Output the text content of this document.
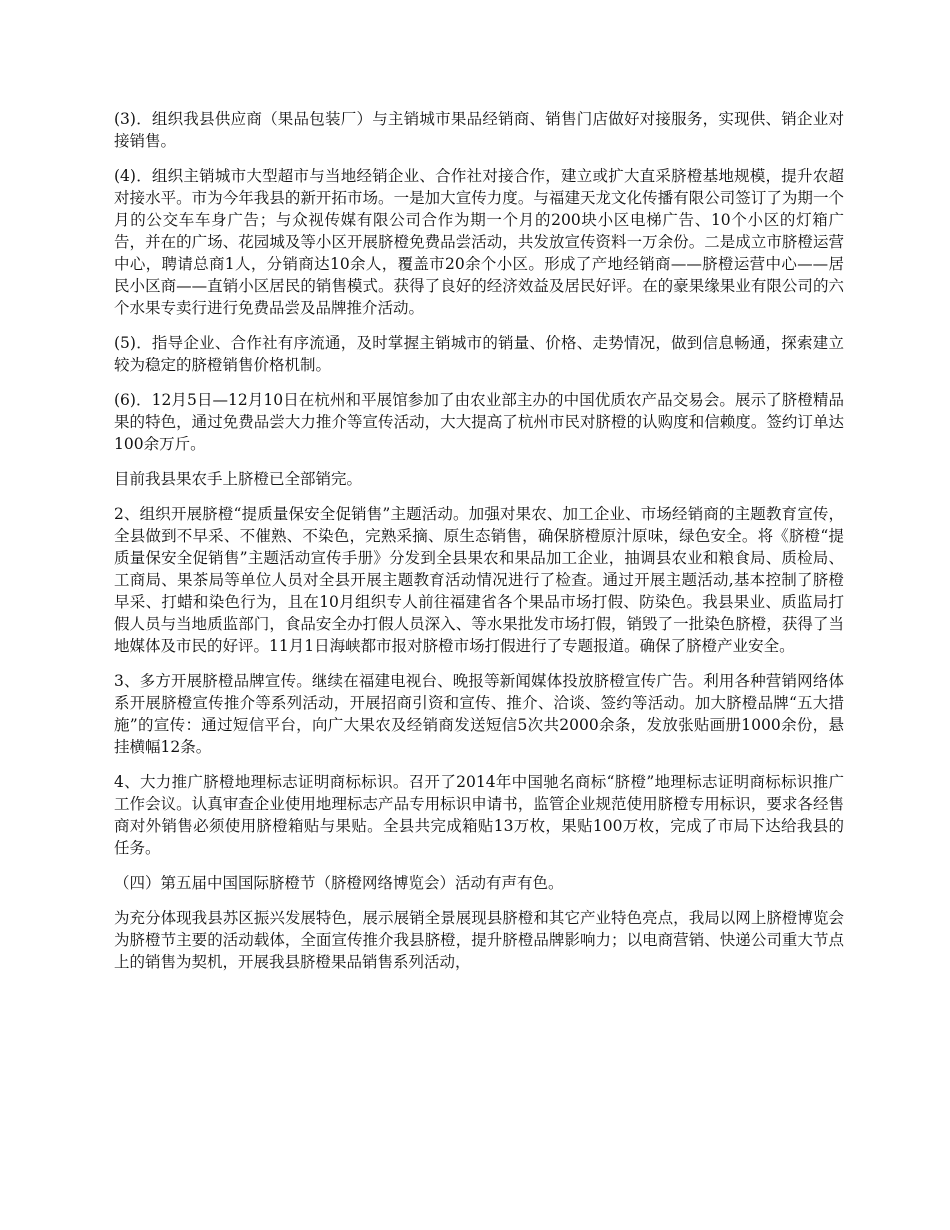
(3)．组织我县供应商（果品包装厂）与主销城市果品经销商、销售门店做好对接服务，实现供、销企业对接销售。

(4)．组织主销城市大型超市与当地经销企业、合作社对接合作，建立或扩大直采脐橙基地规模，提升农超对接水平。市为今年我县的新开拓市场。一是加大宣传力度。与福建天龙文化传播有限公司签订了为期一个月的公交车车身广告；与众视传媒有限公司合作为期一个月的200块小区电梯广告、10个小区的灯箱广告，并在的广场、花园城及等小区开展脐橙免费品尝活动，共发放宣传资料一万余份。二是成立市脐橙运营中心，聘请总商1人，分销商达10余人，覆盖市20余个小区。形成了产地经销商——脐橙运营中心——居民小区商——直销小区居民的销售模式。获得了良好的经济效益及居民好评。在的豪果缘果业有限公司的六个水果专卖行进行免费品尝及品牌推介活动。

(5)．指导企业、合作社有序流通，及时掌握主销城市的销量、价格、走势情况，做到信息畅通，探索建立较为稳定的脐橙销售价格机制。

(6)．12月5日—12月10日在杭州和平展馆参加了由农业部主办的中国优质农产品交易会。展示了脐橙精品果的特色，通过免费品尝大力推介等宣传活动，大大提高了杭州市民对脐橙的认购度和信赖度。签约订单达100余万斤。

目前我县果农手上脐橙已全部销完。

2、组织开展脐橙“提质量保安全促销售”主题活动。加强对果农、加工企业、市场经销商的主题教育宣传，全县做到不早采、不催熟、不染色，完熟采摘、原生态销售，确保脐橙原汁原味，绿色安全。将《脐橙“提质量保安全促销售”主题活动宣传手册》分发到全县果农和果品加工企业，抽调县农业和粮食局、质检局、工商局、果茶局等单位人员对全县开展主题教育活动情况进行了检查。通过开展主题活动,基本控制了脐橙早采、打蜡和染色行为，且在10月组织专人前往福建省各个果品市场打假、防染色。我县果业、质监局打假人员与当地质监部门，食品安全办打假人员深入、等水果批发市场打假，销毁了一批染色脐橙，获得了当地媒体及市民的好评。11月1日海峡都市报对脐橙市场打假进行了专题报道。确保了脐橙产业安全。

3、多方开展脐橙品牌宣传。继续在福建电视台、晚报等新闻媒体投放脐橙宣传广告。利用各种营销网络体系开展脐橙宣传推介等系列活动，开展招商引资和宣传、推介、洽谈、签约等活动。加大脐橙品牌“五大措施”的宣传：通过短信平台，向广大果农及经销商发送短信5次共2000余条，发放张贴画册1000余份，悬挂横幅12条。

4、大力推广脐橙地理标志证明商标标识。召开了2014年中国驰名商标“脐橙”地理标志证明商标标识推广工作会议。认真审查企业使用地理标志产品专用标识申请书，监管企业规范使用脐橙专用标识，要求各经售商对外销售必须使用脐橙箱贴与果贴。全县共完成箱贴13万枚，果贴100万枚，完成了市局下达给我县的任务。

（四）第五届中国国际脐橙节（脐橙网络博览会）活动有声有色。

为充分体现我县苏区振兴发展特色，展示展销全景展现县脐橙和其它产业特色亮点，我局以网上脐橙博览会为脐橙节主要的活动载体，全面宣传推介我县脐橙，提升脐橙品牌影响力；以电商营销、快递公司重大节点上的销售为契机，开展我县脐橙果品销售系列活动，
